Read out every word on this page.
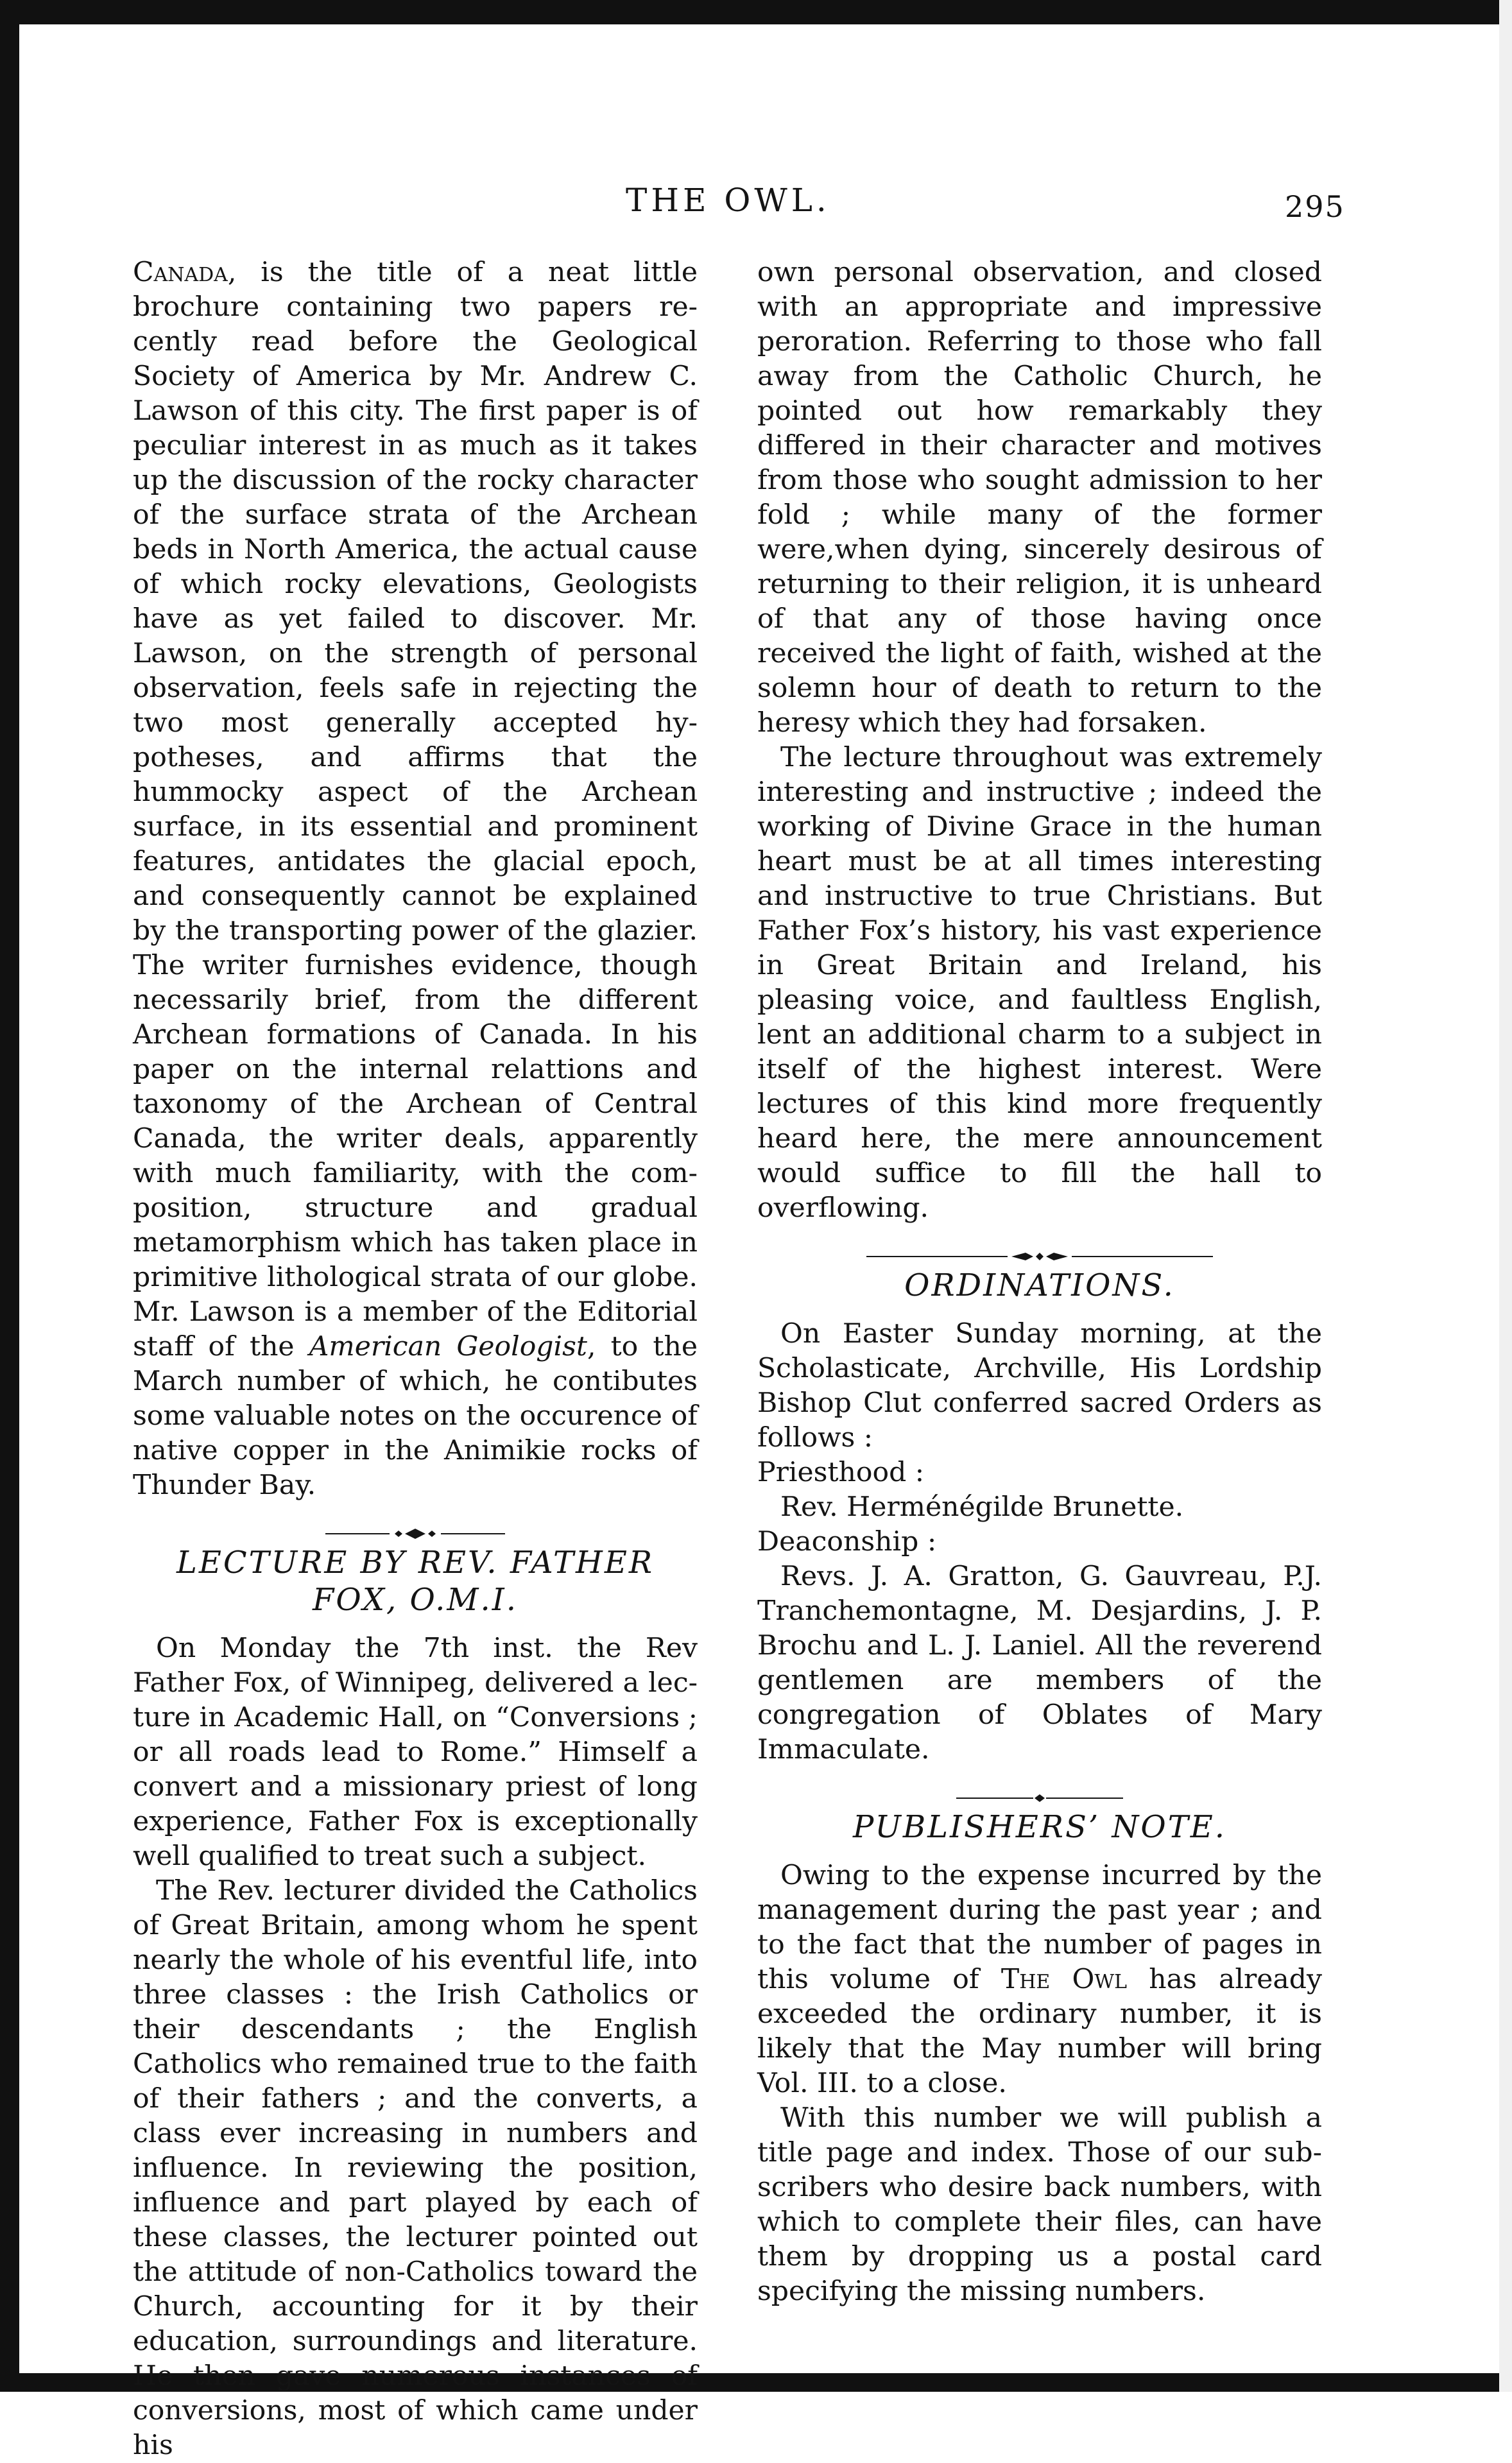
THE OWL.	295

Canada, is the title of a neat little brochure containing two papers recently read before the Geological Society of America by Mr. Andrew C. Lawson of this city. The first paper is of peculiar interest in as much as it takes up the discussion of the rocky character of the surface strata of the Archean beds in North America, the actual cause of which rocky elevations, Geologists have as yet failed to discover. Mr. Lawson, on the strength of personal observation, feels safe in rejecting the two most generally accepted hypotheses, and affirms that the hummocky aspect of the Archean surface, in its essential and prominent features, antidates the glacial epoch, and consequently cannot be explained by the transporting power of the glazier. The writer furnishes evidence, though necessarily brief, from the different Archean formations of Canada. In his paper on the internal relattions and taxonomy of the Archean of Central Canada, the writer deals, apparently with much familiarity, with the composition, structure and gradual metamorphism which has taken place in primitive lithological strata of our globe. Mr. Lawson is a member of the Editorial staff of the American Geologist, to the March number of which, he contibutes some valuable notes on the occurence of native copper in the Animikie rocks of Thunder Bay.

LECTURE BY REV. FATHER
FOX, O.M.I.

On Monday the 7th inst. the Rev Father Fox, of Winnipeg, delivered a lecture in Academic Hall, on “Conversions ; or all roads lead to Rome.” Himself a convert and a missionary priest of long experience, Father Fox is exceptionally well qualified to treat such a subject.

The Rev. lecturer divided the Catholics of Great Britain, among whom he spent nearly the whole of his eventful life, into three classes : the Irish Catholics or their descendants ; the English Catholics who remained true to the faith of their fathers ; and the converts, a class ever increasing in numbers and influence. In reviewing the position, influence and part played by each of these classes, the lecturer pointed out the attitude of non-Catholics toward the Church, accounting for it by their education, surroundings and literature. He then gave numerous instances of conversions, most of which came under his

own personal observation, and closed with an appropriate and impressive peroration. Referring to those who fall away from the Catholic Church, he pointed out how remarkably they differed in their character and motives from those who sought admission to her fold ; while many of the former were,when dying, sincerely desirous of returning to their religion, it is unheard of that any of those having once received the light of faith, wished at the solemn hour of death to return to the heresy which they had forsaken.

The lecture throughout was extremely interesting and instructive ; indeed the working of Divine Grace in the human heart must be at all times interesting and instructive to true Christians. But Father Fox’s history, his vast experience in Great Britain and Ireland, his pleasing voice, and faultless English, lent an additional charm to a subject in itself of the highest interest. Were lectures of this kind more frequently heard here, the mere announcement would suffice to fill the hall to overflowing.

ORDINATIONS.

On Easter Sunday morning, at the Scholasticate, Archville, His Lordship Bishop Clut conferred sacred Orders as follows :

Priesthood :

Rev. Herménégilde Brunette.

Deaconship :

Revs. J. A. Gratton, G. Gauvreau, P.J. Tranchemontagne, M. Desjardins, J. P. Brochu and L. J. Laniel. All the reverend gentlemen are members of the congregation of Oblates of Mary Immaculate.

PUBLISHERS’ NOTE.

Owing to the expense incurred by the management during the past year ; and to the fact that the number of pages in this volume of The Owl has already exceeded the ordinary number, it is likely that the May number will bring Vol. III. to a close.

With this number we will publish a title page and index. Those of our subscribers who desire back numbers, with which to complete their files, can have them by dropping us a postal card specifying the missing numbers.
